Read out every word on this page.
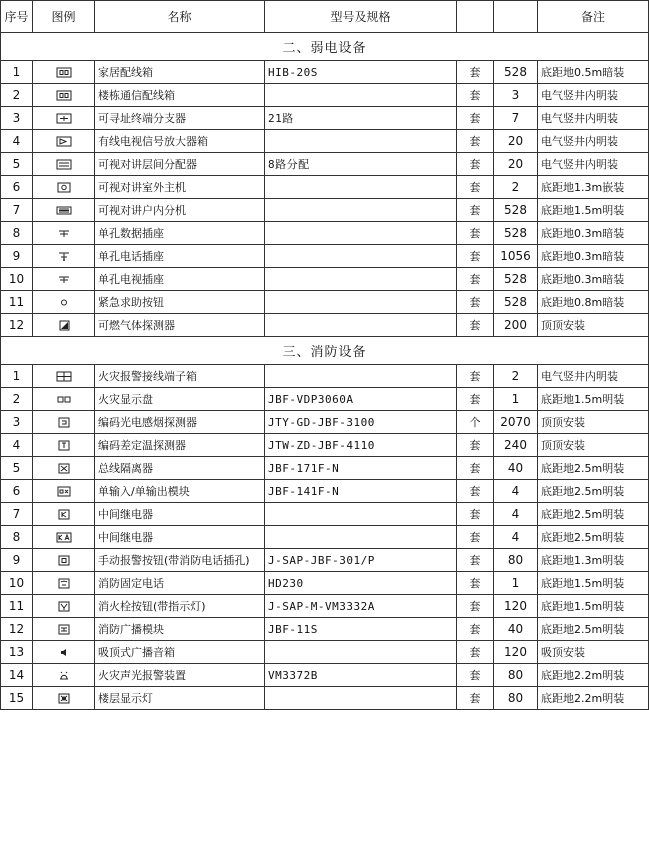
序号	图例	名称	型号及规格			备注
二、弱电设备						
1		家居配线箱	HIB-20S	套	528	底距地0.5m暗装
2		楼栋通信配线箱		套	3	电气竖井内明装
3		可寻址终端分支器	21路	套	7	电气竖井内明装
4		有线电视信号放大器箱		套	20	电气竖井内明装
5		可视对讲层间分配器	8路分配	套	20	电气竖井内明装
6		可视对讲室外主机		套	2	底距地1.3m嵌装
7		可视对讲户内分机		套	528	底距地1.5m明装
8		单孔数据插座		套	528	底距地0.3m暗装
9		单孔电话插座		套	1056	底距地0.3m暗装
10		单孔电视插座		套	528	底距地0.3m暗装
11		紧急求助按钮		套	528	底距地0.8m暗装
12		可燃气体探测器		套	200	顶顶安装
三、消防设备						
1		火灾报警接线端子箱		套	2	电气竖井内明装
2		火灾显示盘	JBF-VDP3060A	套	1	底距地1.5m明装
3		编码光电感烟探测器	JTY-GD-JBF-3100	个	2070	顶顶安装
4		编码差定温探测器	JTW-ZD-JBF-4110	套	240	顶顶安装
5		总线隔离器	JBF-171F-N	套	40	底距地2.5m明装
6		单输入/单输出模块	JBF-141F-N	套	4	底距地2.5m明装
7		中间继电器		套	4	底距地2.5m明装
8		中间继电器		套	4	底距地2.5m明装
9		手动报警按钮(带消防电话插孔)	J-SAP-JBF-301/P	套	80	底距地1.3m明装
10		消防固定电话	HD230	套	1	底距地1.5m明装
11		消火栓按钮(带指示灯)	J-SAP-M-VM3332A	套	120	底距地1.5m明装
12		消防广播模块	JBF-11S	套	40	底距地2.5m明装
13		吸顶式广播音箱		套	120	吸顶安装
14		火灾声光报警装置	VM3372B	套	80	底距地2.2m明装
15		楼层显示灯		套	80	底距地2.2m明装
